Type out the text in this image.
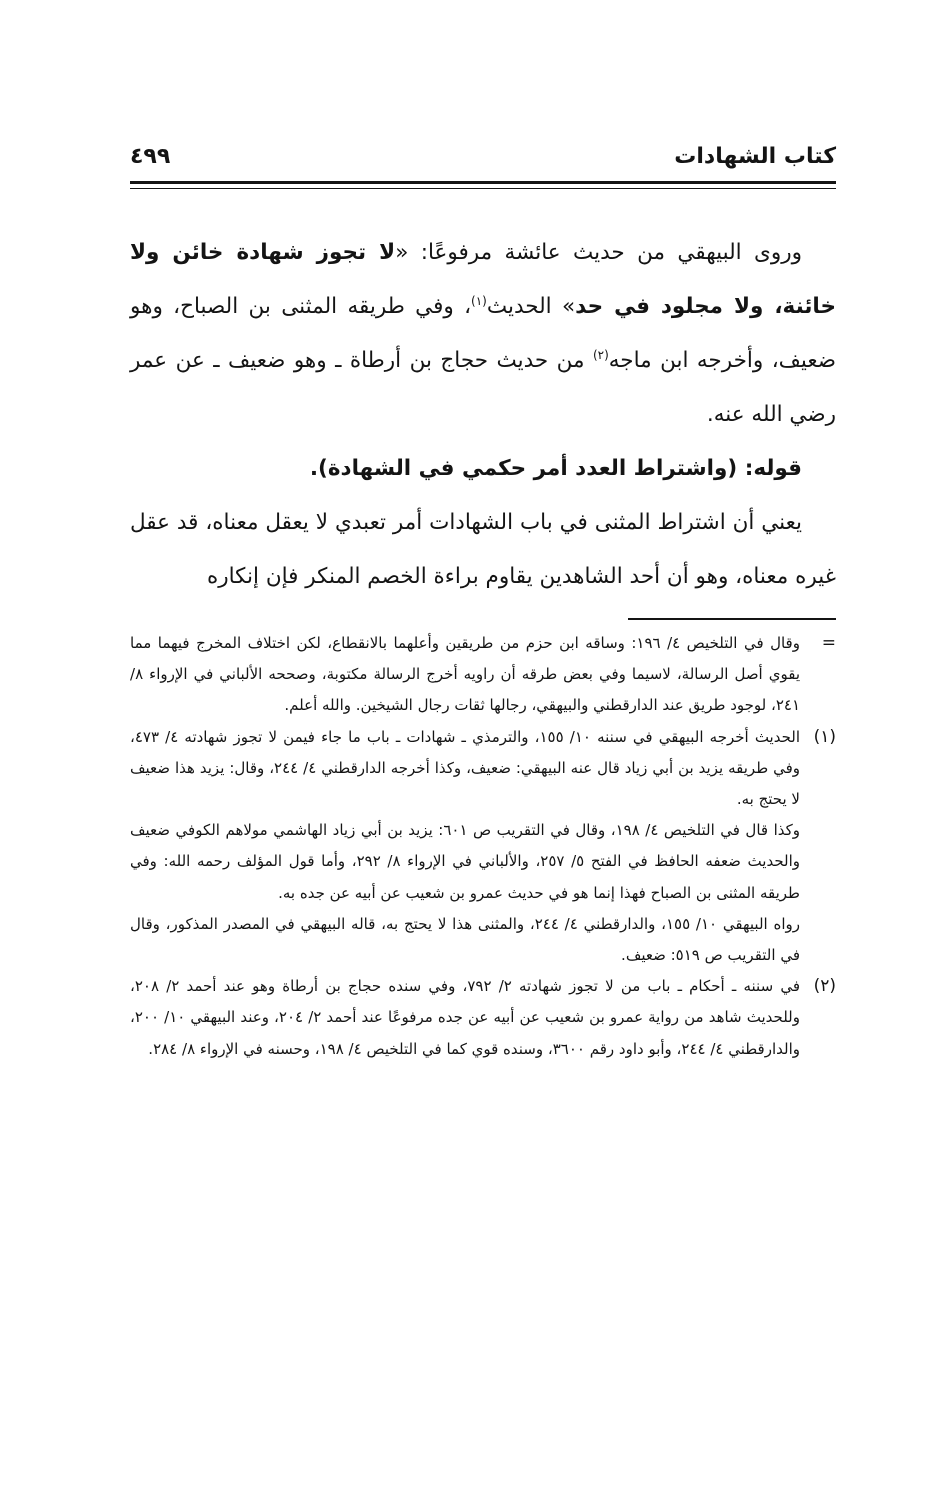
كتاب الشهادات
٤٩٩

وروى البيهقي من حديث عائشة مرفوعًا: «لا تجوز شهادة خائن ولا خائنة، ولا مجلود في حد» الحديث$^{(١)}$، وفي طريقه المثنى بن الصباح، وهو ضعيف، وأخرجه ابن ماجه$^{(٢)}$ من حديث حجاج بن أرطاة ـ وهو ضعيف ـ عن عمر رضي الله عنه.

قوله: (واشتراط العدد أمر حكمي في الشهادة).

يعني أن اشتراط المثنى في باب الشهادات أمر تعبدي لا يعقل معناه، قد عقل غيره معناه، وهو أن أحد الشاهدين يقاوم براءة الخصم المنكر فإن إنكاره

=

وقال في التلخيص ٤/ ١٩٦: وساقه ابن حزم من طريقين وأعلهما بالانقطاع، لكن اختلاف المخرج فيهما مما يقوي أصل الرسالة، لاسيما وفي بعض طرقه أن راويه أخرج الرسالة مكتوبة، وصححه الألباني في الإرواء ٨/ ٢٤١، لوجود طريق عند الدارقطني والبيهقي، رجالها ثقات رجال الشيخين. والله أعلم.

(١)

الحديث أخرجه البيهقي في سننه ١٠/ ١٥٥، والترمذي ـ شهادات ـ باب ما جاء فيمن لا تجوز شهادته ٤/ ٤٧٣، وفي طريقه يزيد بن أبي زياد قال عنه البيهقي: ضعيف، وكذا أخرجه الدارقطني ٤/ ٢٤٤، وقال: يزيد هذا ضعيف لا يحتج به.

وكذا قال في التلخيص ٤/ ١٩٨، وقال في التقريب ص ٦٠١: يزيد بن أبي زياد الهاشمي مولاهم الكوفي ضعيف والحديث ضعفه الحافظ في الفتح ٥/ ٢٥٧، والألباني في الإرواء ٨/ ٢٩٢، وأما قول المؤلف رحمه الله: وفي طريقه المثنى بن الصباح فهذا إنما هو في حديث عمرو بن شعيب عن أبيه عن جده به.

رواه البيهقي ١٠/ ١٥٥، والدارقطني ٤/ ٢٤٤، والمثنى هذا لا يحتج به، قاله البيهقي في المصدر المذكور، وقال في التقريب ص ٥١٩: ضعيف.

(٢)

في سننه ـ أحكام ـ باب من لا تجوز شهادته ٢/ ٧٩٢، وفي سنده حجاج بن أرطاة وهو عند أحمد ٢/ ٢٠٨، وللحديث شاهد من رواية عمرو بن شعيب عن أبيه عن جده مرفوعًا عند أحمد ٢/ ٢٠٤، وعند البيهقي ١٠/ ٢٠٠، والدارقطني ٤/ ٢٤٤، وأبو داود رقم ٣٦٠٠، وسنده قوي كما في التلخيص ٤/ ١٩٨، وحسنه في الإرواء ٨/ ٢٨٤.
